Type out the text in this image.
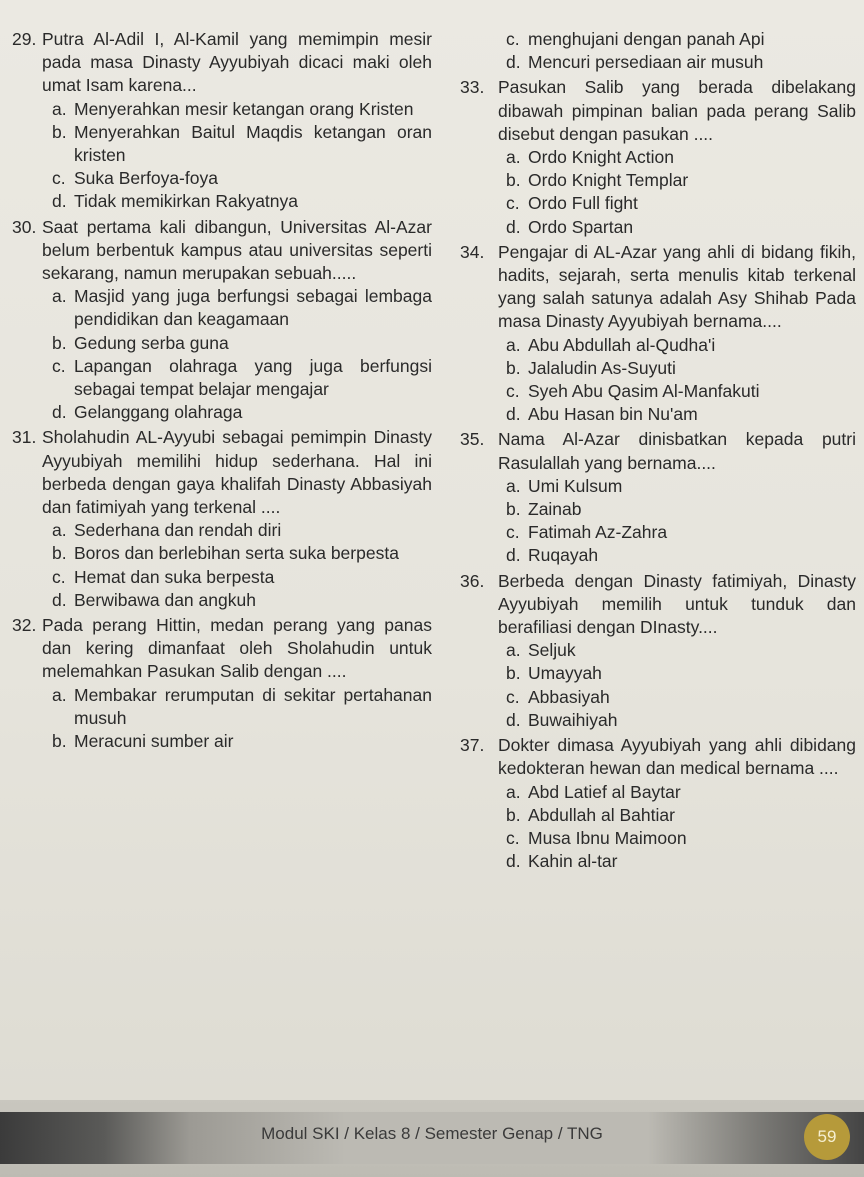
29. Putra Al-Adil I, Al-Kamil yang memimpin mesir pada masa Dinasty Ayyubiyah dicaci maki oleh umat Isam karena...
a. Menyerahkan mesir ketangan orang Kristen
b. Menyerahkan Baitul Maqdis ketangan oran kristen
c. Suka Berfoya-foya
d. Tidak memikirkan Rakyatnya
30. Saat pertama kali dibangun, Universitas Al-Azar belum berbentuk kampus atau universitas seperti sekarang, namun merupakan sebuah.....
a. Masjid yang juga berfungsi sebagai lembaga pendidikan dan keagamaan
b. Gedung serba guna
c. Lapangan olahraga yang juga berfungsi sebagai tempat belajar mengajar
d. Gelanggang olahraga
31. Sholahudin AL-Ayyubi sebagai pemimpin Dinasty Ayyubiyah memilihi hidup sederhana. Hal ini berbeda dengan gaya khalifah Dinasty Abbasiyah dan fatimiyah yang terkenal ....
a. Sederhana dan rendah diri
b. Boros dan berlebihan serta suka berpesta
c. Hemat dan suka berpesta
d. Berwibawa dan angkuh
32. Pada perang Hittin, medan perang yang panas dan kering dimanfaat oleh Sholahudin untuk melemahkan Pasukan Salib dengan ....
a. Membakar rerumputan di sekitar pertahanan musuh
b. Meracuni sumber air
c. menghujani dengan panah Api
d. Mencuri persediaan air musuh
33. Pasukan Salib yang berada dibelakang dibawah pimpinan balian pada perang Salib disebut dengan pasukan ....
a. Ordo Knight Action
b. Ordo Knight Templar
c. Ordo Full fight
d. Ordo Spartan
34. Pengajar di AL-Azar yang ahli di bidang fikih, hadits, sejarah, serta menulis kitab terkenal yang salah satunya adalah Asy Shihab Pada masa Dinasty Ayyubiyah bernama....
a. Abu Abdullah al-Qudha'i
b. Jalaludin As-Suyuti
c. Syeh Abu Qasim Al-Manfakuti
d. Abu Hasan bin Nu'am
35. Nama Al-Azar dinisbatkan kepada putri Rasulallah yang bernama....
a. Umi Kulsum
b. Zainab
c. Fatimah Az-Zahra
d. Ruqayah
36. Berbeda dengan Dinasty fatimiyah, Dinasty Ayyubiyah memilih untuk tunduk dan berafiliasi dengan DInasty....
a. Seljuk
b. Umayyah
c. Abbasiyah
d. Buwaihiyah
37. Dokter dimasa Ayyubiyah yang ahli dibidang kedokteran hewan dan medical bernama ....
a. Abd Latief al Baytar
b. Abdullah al Bahtiar
c. Musa Ibnu Maimoon
d. Kahin al-tar
Modul SKI / Kelas 8 / Semester Genap / TNG	59
